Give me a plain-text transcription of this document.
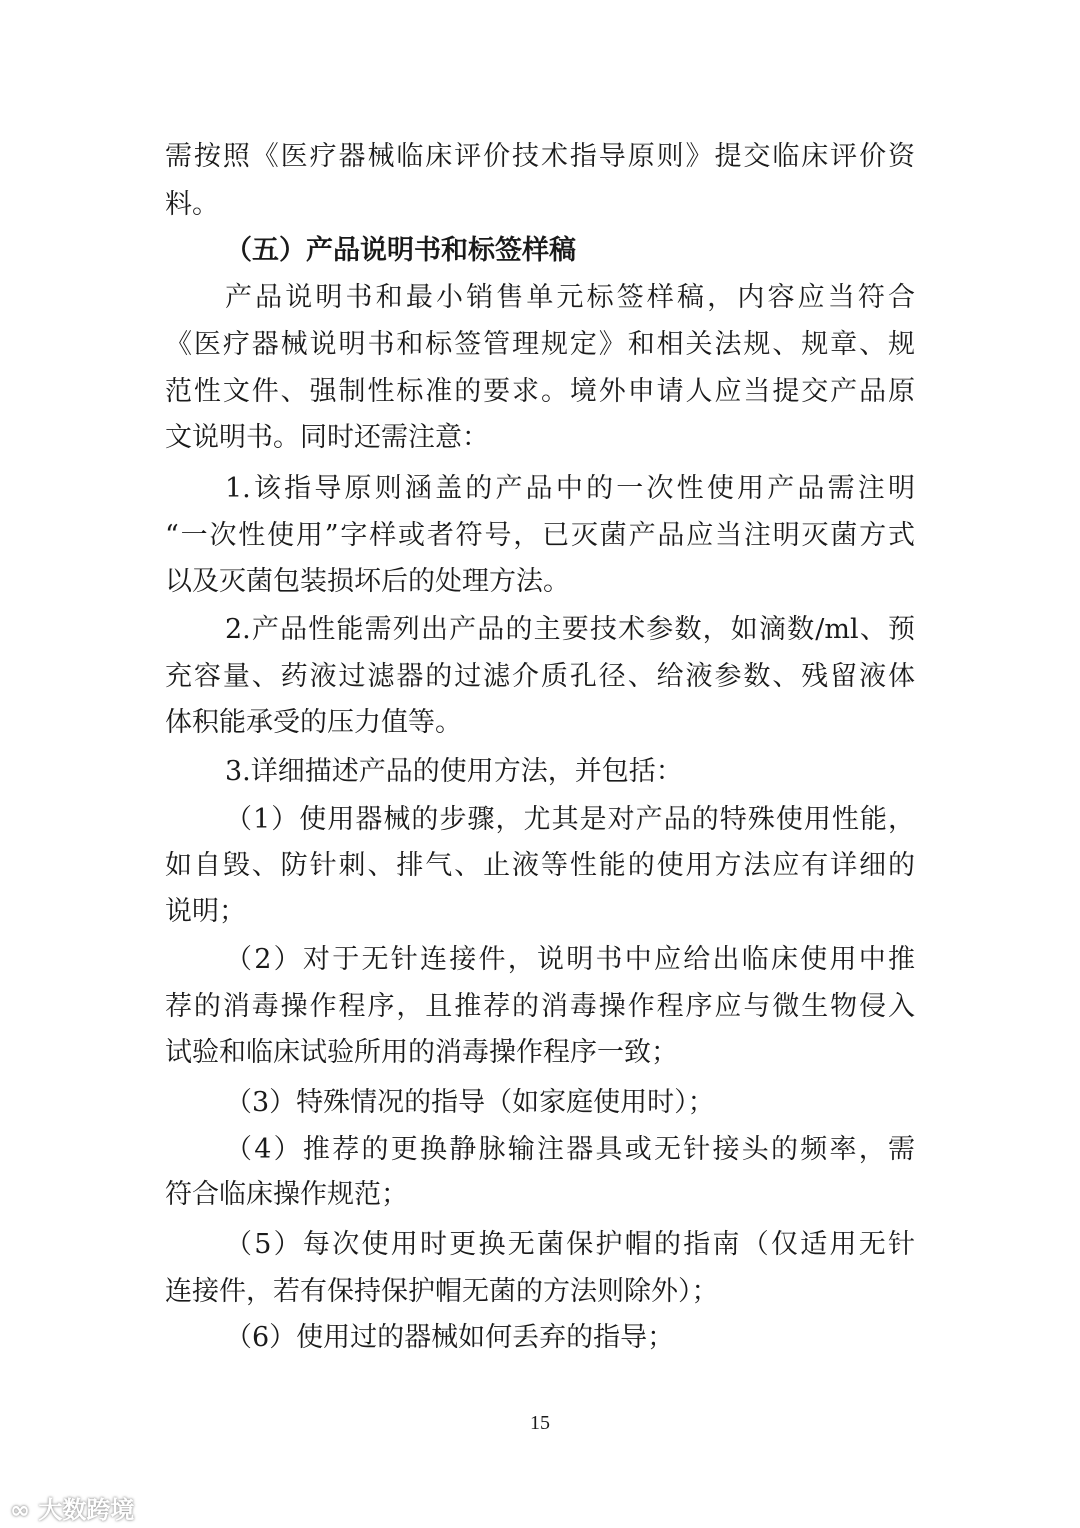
需按照《医疗器械临床评价技术指导原则》提交临床评价资
料。
（五）产品说明书和标签样稿
产品说明书和最小销售单元标签样稿，内容应当符合
《医疗器械说明书和标签管理规定》和相关法规、规章、规
范性文件、强制性标准的要求。境外申请人应当提交产品原
文说明书。同时还需注意：
1.该指导原则涵盖的产品中的一次性使用产品需注明
“一次性使用”字样或者符号，已灭菌产品应当注明灭菌方式
以及灭菌包装损坏后的处理方法。
2.产品性能需列出产品的主要技术参数，如滴数/ml、预
充容量、药液过滤器的过滤介质孔径、给液参数、残留液体
体积能承受的压力值等。
3.详细描述产品的使用方法，并包括：
（1）使用器械的步骤，尤其是对产品的特殊使用性能，
如自毁、防针刺、排气、止液等性能的使用方法应有详细的
说明；
（2）对于无针连接件，说明书中应给出临床使用中推
荐的消毒操作程序，且推荐的消毒操作程序应与微生物侵入
试验和临床试验所用的消毒操作程序一致；
（3）特殊情况的指导（如家庭使用时）；
（4）推荐的更换静脉输注器具或无针接头的频率，需
符合临床操作规范；
（5）每次使用时更换无菌保护帽的指南（仅适用无针
连接件，若有保持保护帽无菌的方法则除外）；
（6）使用过的器械如何丢弃的指导；
15
∞ 大数跨境
